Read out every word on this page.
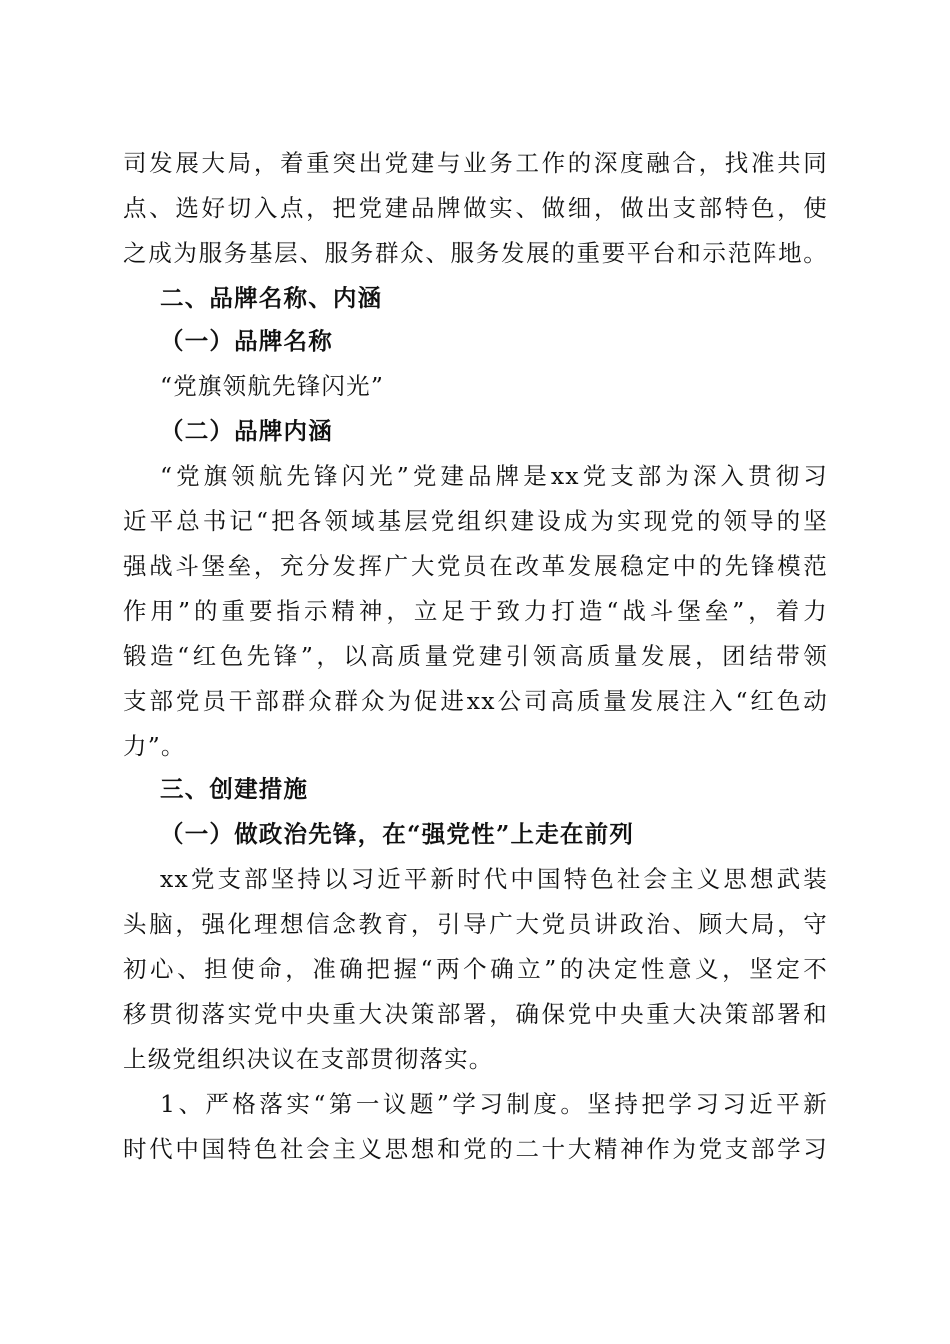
司发展大局，着重突出党建与业务工作的深度融合，找准共同
点、选好切入点，把党建品牌做实、做细，做出支部特色，使
之成为服务基层、服务群众、服务发展的重要平台和示范阵地。
二、品牌名称、内涵
（一）品牌名称
“党旗领航先锋闪光”
（二）品牌内涵
“党旗领航先锋闪光”党建品牌是xx党支部为深入贯彻习
近平总书记“把各领域基层党组织建设成为实现党的领导的坚
强战斗堡垒，充分发挥广大党员在改革发展稳定中的先锋模范
作用”的重要指示精神，立足于致力打造“战斗堡垒”，着力
锻造“红色先锋”，以高质量党建引领高质量发展，团结带领
支部党员干部群众群众为促进xx公司高质量发展注入“红色动
力”。
三、创建措施
（一）做政治先锋，在“强党性”上走在前列
xx党支部坚持以习近平新时代中国特色社会主义思想武装
头脑，强化理想信念教育，引导广大党员讲政治、顾大局，守
初心、担使命，准确把握“两个确立”的决定性意义，坚定不
移贯彻落实党中央重大决策部署，确保党中央重大决策部署和
上级党组织决议在支部贯彻落实。
1、严格落实“第一议题”学习制度。坚持把学习习近平新
时代中国特色社会主义思想和党的二十大精神作为党支部学习
